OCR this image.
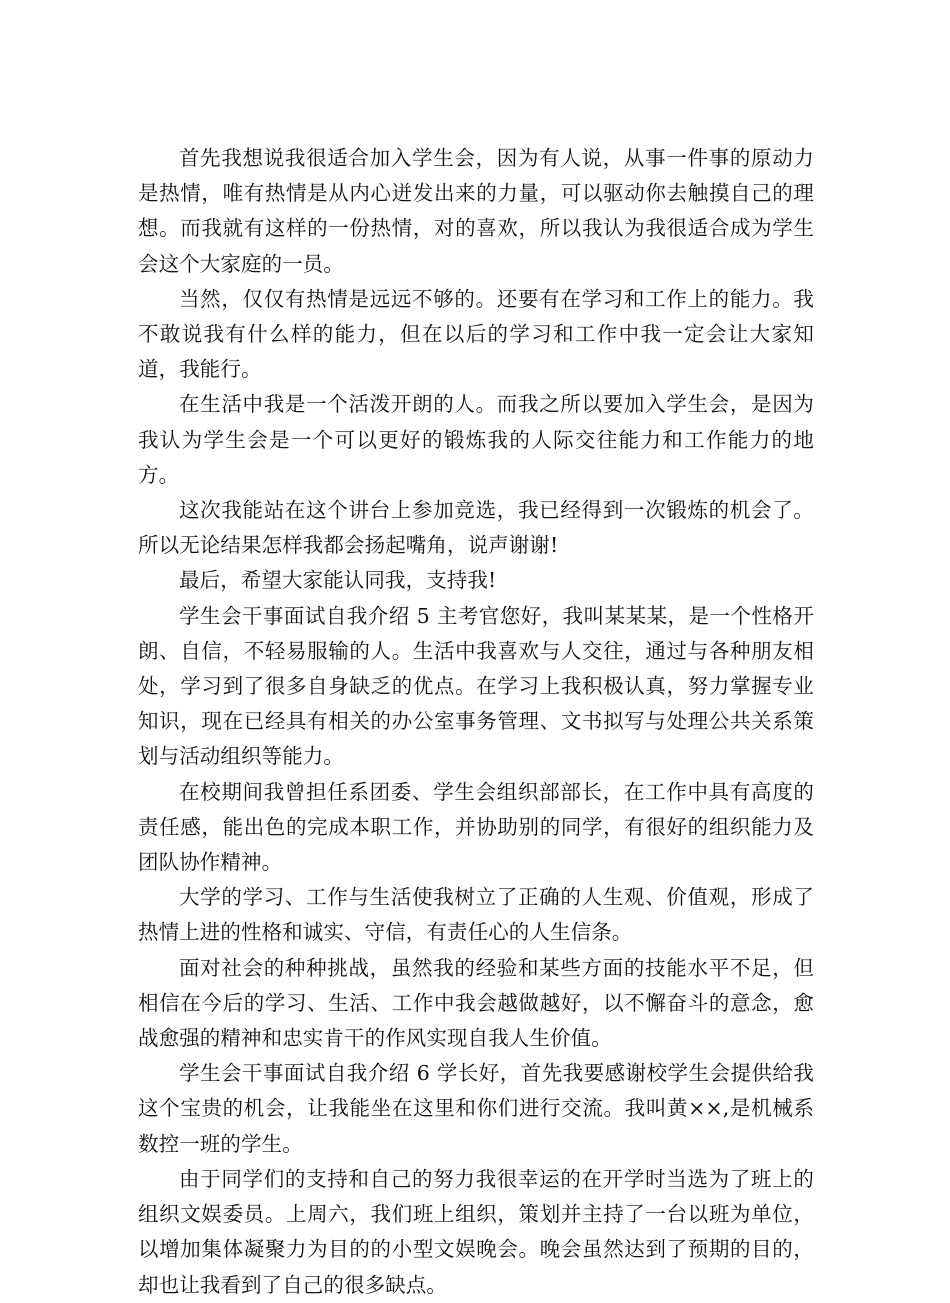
首先我想说我很适合加入学生会，因为有人说，从事一件事的原动力是热情，唯有热情是从内心迸发出来的力量，可以驱动你去触摸自己的理想。而我就有这样的一份热情，对的喜欢，所以我认为我很适合成为学生会这个大家庭的一员。

当然，仅仅有热情是远远不够的。还要有在学习和工作上的能力。我不敢说我有什么样的能力，但在以后的学习和工作中我一定会让大家知道，我能行。

在生活中我是一个活泼开朗的人。而我之所以要加入学生会，是因为我认为学生会是一个可以更好的锻炼我的人际交往能力和工作能力的地方。

这次我能站在这个讲台上参加竞选，我已经得到一次锻炼的机会了。所以无论结果怎样我都会扬起嘴角，说声谢谢!

最后，希望大家能认同我，支持我!

学生会干事面试自我介绍 5 主考官您好，我叫某某某，是一个性格开朗、自信，不轻易服输的人。生活中我喜欢与人交往，通过与各种朋友相处，学习到了很多自身缺乏的优点。在学习上我积极认真，努力掌握专业知识，现在已经具有相关的办公室事务管理、文书拟写与处理公共关系策划与活动组织等能力。

在校期间我曾担任系团委、学生会组织部部长，在工作中具有高度的责任感，能出色的完成本职工作，并协助别的同学，有很好的组织能力及团队协作精神。

大学的学习、工作与生活使我树立了正确的人生观、价值观，形成了热情上进的性格和诚实、守信，有责任心的人生信条。

面对社会的种种挑战，虽然我的经验和某些方面的技能水平不足，但相信在今后的学习、生活、工作中我会越做越好，以不懈奋斗的意念，愈战愈强的精神和忠实肯干的作风实现自我人生价值。

学生会干事面试自我介绍 6 学长好，首先我要感谢校学生会提供给我这个宝贵的机会，让我能坐在这里和你们进行交流。我叫黄××,是机械系数控一班的学生。

由于同学们的支持和自己的努力我很幸运的在开学时当选为了班上的组织文娱委员。上周六，我们班上组织，策划并主持了一台以班为单位，以增加集体凝聚力为目的的小型文娱晚会。晚会虽然达到了预期的目的，却也让我看到了自己的很多缺点。
